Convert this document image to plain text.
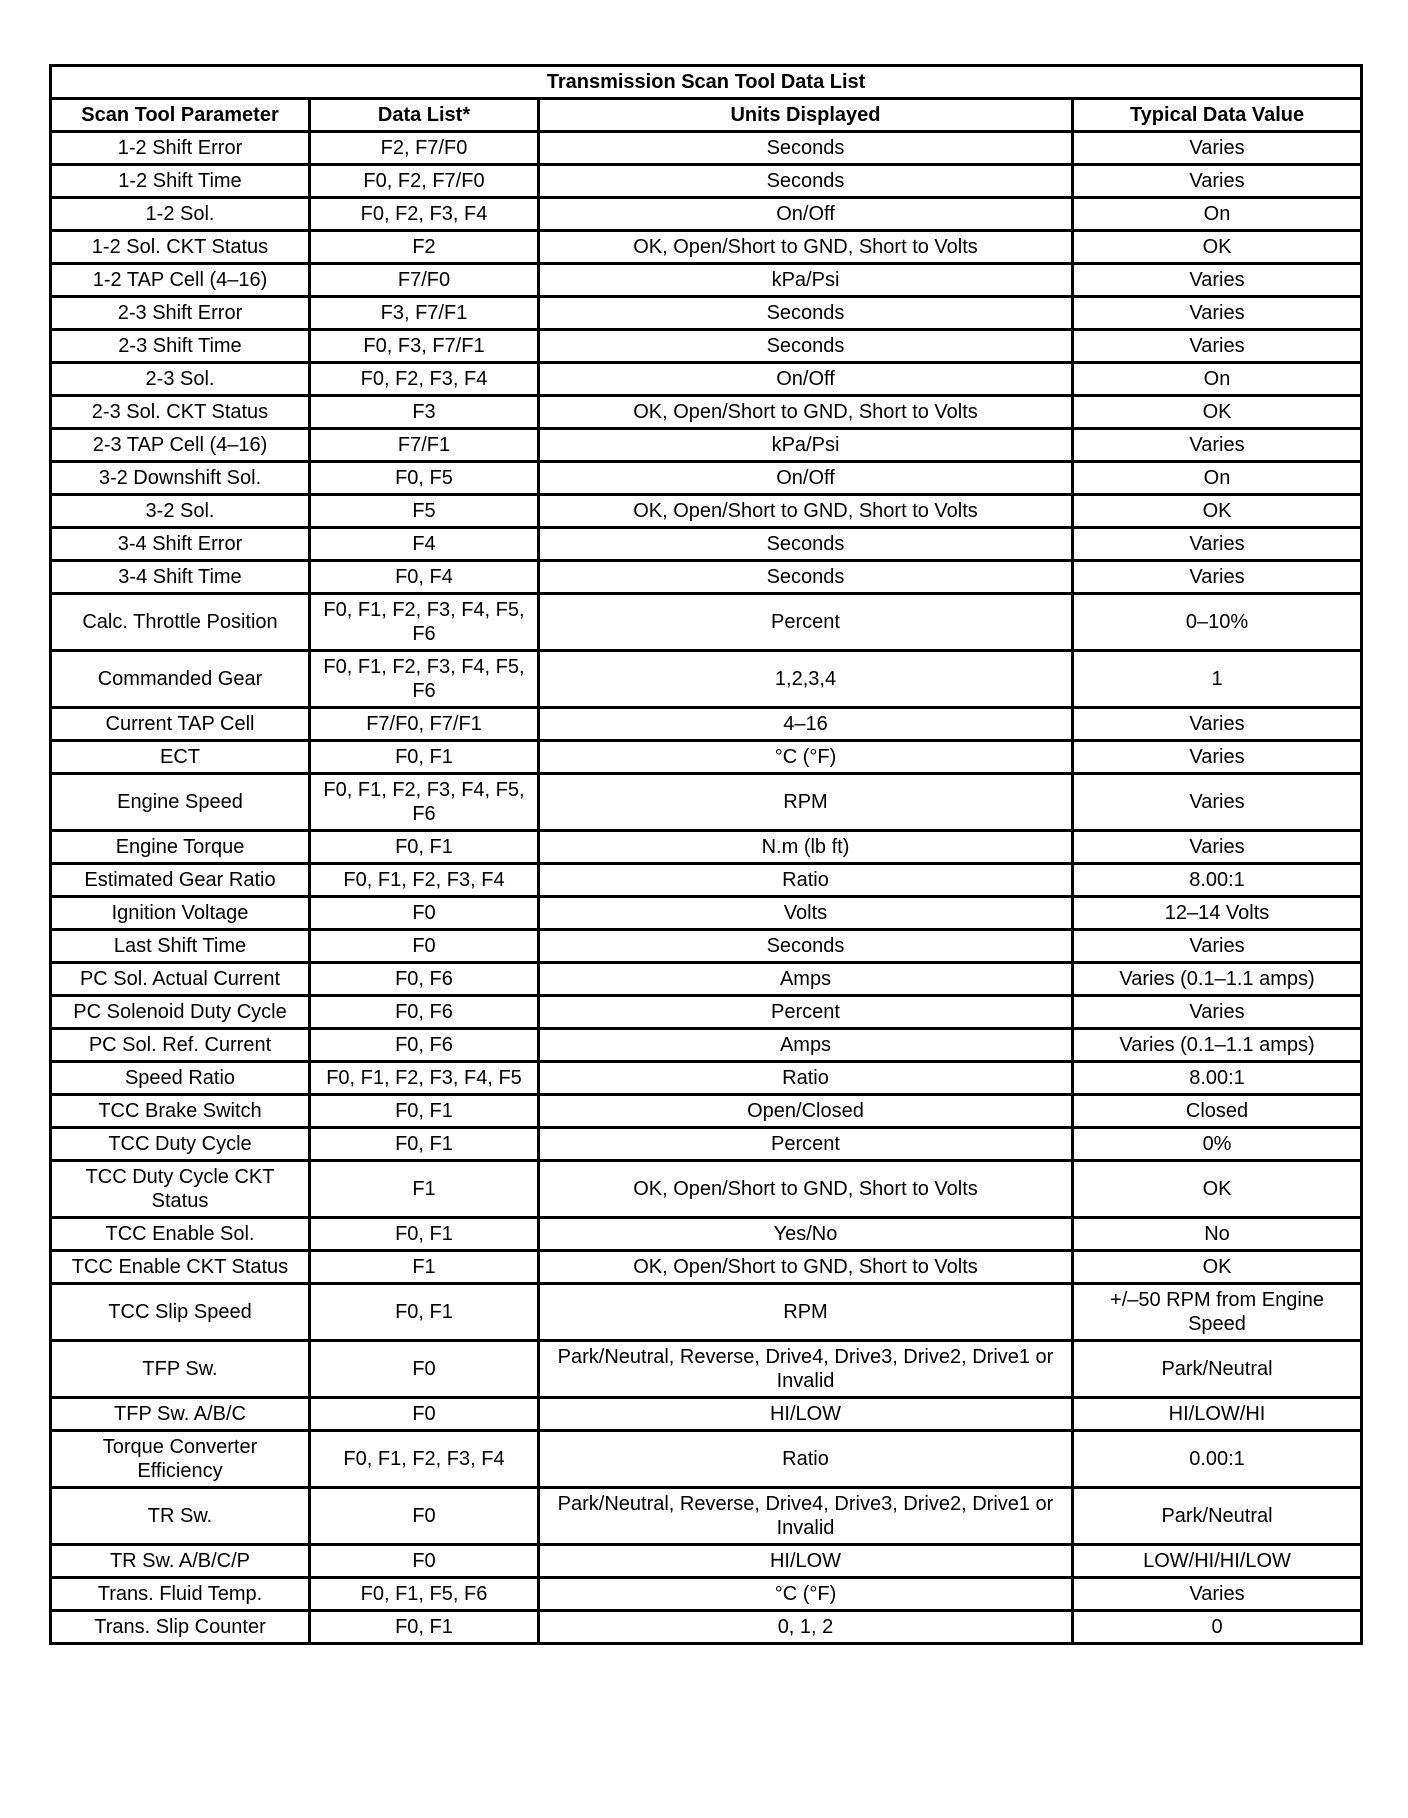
Transmission Scan Tool Data List			
Scan Tool Parameter	Data List*	Units Displayed	Typical Data Value
1-2 Shift Error	F2, F7/F0	Seconds	Varies
1-2 Shift Time	F0, F2, F7/F0	Seconds	Varies
1-2 Sol.	F0, F2, F3, F4	On/Off	On
1-2 Sol. CKT Status	F2	OK, Open/Short to GND, Short to Volts	OK
1-2 TAP Cell (4–16)	F7/F0	kPa/Psi	Varies
2-3 Shift Error	F3, F7/F1	Seconds	Varies
2-3 Shift Time	F0, F3, F7/F1	Seconds	Varies
2-3 Sol.	F0, F2, F3, F4	On/Off	On
2-3 Sol. CKT Status	F3	OK, Open/Short to GND, Short to Volts	OK
2-3 TAP Cell (4–16)	F7/F1	kPa/Psi	Varies
3-2 Downshift Sol.	F0, F5	On/Off	On
3-2 Sol.	F5	OK, Open/Short to GND, Short to Volts	OK
3-4 Shift Error	F4	Seconds	Varies
3-4 Shift Time	F0, F4	Seconds	Varies
Calc. Throttle Position	F0, F1, F2, F3, F4, F5, F6	Percent	0–10%
Commanded Gear	F0, F1, F2, F3, F4, F5, F6	1,2,3,4	1
Current TAP Cell	F7/F0, F7/F1	4–16	Varies
ECT	F0, F1	°C (°F)	Varies
Engine Speed	F0, F1, F2, F3, F4, F5, F6	RPM	Varies
Engine Torque	F0, F1	N.m (lb ft)	Varies
Estimated Gear Ratio	F0, F1, F2, F3, F4	Ratio	8.00:1
Ignition Voltage	F0	Volts	12–14 Volts
Last Shift Time	F0	Seconds	Varies
PC Sol. Actual Current	F0, F6	Amps	Varies (0.1–1.1 amps)
PC Solenoid Duty Cycle	F0, F6	Percent	Varies
PC Sol. Ref. Current	F0, F6	Amps	Varies (0.1–1.1 amps)
Speed Ratio	F0, F1, F2, F3, F4, F5	Ratio	8.00:1
TCC Brake Switch	F0, F1	Open/Closed	Closed
TCC Duty Cycle	F0, F1	Percent	0%
TCC Duty Cycle CKT Status	F1	OK, Open/Short to GND, Short to Volts	OK
TCC Enable Sol.	F0, F1	Yes/No	No
TCC Enable CKT Status	F1	OK, Open/Short to GND, Short to Volts	OK
TCC Slip Speed	F0, F1	RPM	+/–50 RPM from Engine Speed
TFP Sw.	F0	Park/Neutral, Reverse, Drive4, Drive3, Drive2, Drive1 or Invalid	Park/Neutral
TFP Sw. A/B/C	F0	HI/LOW	HI/LOW/HI
Torque Converter Efficiency	F0, F1, F2, F3, F4	Ratio	0.00:1
TR Sw.	F0	Park/Neutral, Reverse, Drive4, Drive3, Drive2, Drive1 or Invalid	Park/Neutral
TR Sw. A/B/C/P	F0	HI/LOW	LOW/HI/HI/LOW
Trans. Fluid Temp.	F0, F1, F5, F6	°C (°F)	Varies
Trans. Slip Counter	F0, F1	0, 1, 2	0
